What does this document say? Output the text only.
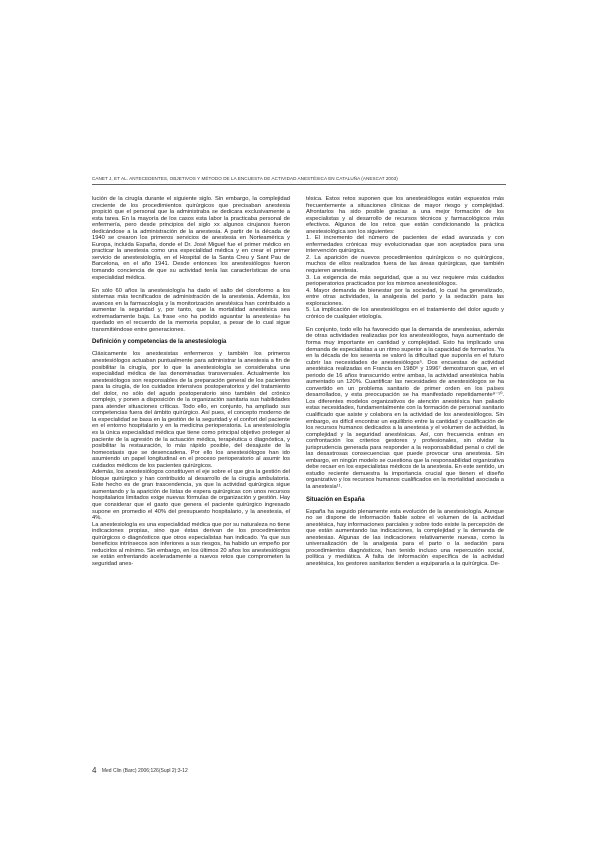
CANET J, ET AL. ANTECEDENTES, OBJETIVOS Y MÉTODO DE LA ENCUESTA DE ACTIVIDAD ANESTÉSICA EN CATALUÑA (ANESCAT 2003)

lución de la cirugía durante el siguiente siglo. Sin embargo, la complejidad creciente de los procedimientos quirúrgicos que precisaban anestesia propició que el personal que la administraba se dedicara exclusivamente a esta tarea. En la mayoría de los casos esta labor la practicaba personal de enfermería, pero desde principios del siglo xx algunos cirujanos fueron dedicándose a la administración de la anestesia. A partir de la década de 1940 se crearon los primeros servicios de anestesia en Norteamérica y Europa, incluida España, donde el Dr. José Miguel fue el primer médico en practicar la anestesia como una especialidad médica y en crear el primer servicio de anestesiología, en el Hospital de la Santa Creu y Sant Pau de Barcelona, en el año 1941. Desde entonces los anestesiólogos fueron tomando conciencia de que su actividad tenía las características de una especialidad médica.

En sólo 60 años la anestesiología ha dado el salto del cloroformo a los sistemas más tecnificados de administración de la anestesia. Además, los avances en la farmacología y la monitorización anestésica han contribuido a aumentar la seguridad y, por tanto, que la mortalidad anestésica sea extremadamente baja. La frase «no ha podido aguantar la anestesia» ha quedado en el recuerdo de la memoria popular, a pesar de lo cual sigue transmitiéndose entre generaciones.

Definición y competencias de la anestesiología

Clásicamente los anestesistas enfermeros y también los primeros anestesiólogos actuaban puntualmente para administrar la anestesia a fin de posibilitar la cirugía, por lo que la anestesiología se consideraba una especialidad médica de las denominadas transversales. Actualmente los anestesiólogos son responsables de la preparación general de los pacientes para la cirugía, de los cuidados intensivos postoperatorios y del tratamiento del dolor, no sólo del agudo postoperatorio sino también del crónico complejo, y ponen a disposición de la organización sanitaria sus habilidades para atender situaciones críticas. Todo ello, en conjunto, ha ampliado sus competencias fuera del ámbito quirúrgico. Así pues, el concepto moderno de la especialidad se basa en la gestión de la seguridad y el confort del paciente en el entorno hospitalario y en la medicina perioperatoria. La anestesiología es la única especialidad médica que tiene como principal objetivo proteger al paciente de la agresión de la actuación médica, terapéutica o diagnóstica, y posibilitar la restauración, lo más rápido posible, del desajuste de la homeostasis que se desencadena. Por ello los anestesiólogos han ido asumiendo un papel longitudinal en el proceso perioperatorio al asumir los cuidados médicos de los pacientes quirúrgicos.

Además, los anestesiólogos constituyen el eje sobre el que gira la gestión del bloque quirúrgico y han contribuido al desarrollo de la cirugía ambulatoria. Este hecho es de gran trascendencia, ya que la actividad quirúrgica sigue aumentando y la aparición de listas de espera quirúrgicas con unos recursos hospitalarios limitados exige nuevas fórmulas de organización y gestión. Hay que considerar que el gasto que genera el paciente quirúrgico ingresado supone en promedio el 40% del presupuesto hospitalario, y la anestesia, el 4%.

La anestesiología es una especialidad médica que por su naturaleza no tiene indicaciones propias, sino que éstas derivan de los procedimientos quirúrgicos o diagnósticos que otros especialistas han indicado. Ya que sus beneficios intrínsecos son inferiores a sus riesgos, ha habido un empeño por reducirlos al mínimo. Sin embargo, en los últimos 20 años los anestesiólogos se están enfrentando aceleradamente a nuevos retos que comprometen la seguridad anes-

tésica. Estos retos suponen que los anestesiólogos están expuestos más frecuentemente a situaciones clínicas de mayor riesgo y complejidad. Afrontarlos ha sido posible gracias a una mejor formación de los especialistas y al desarrollo de recursos técnicos y farmacológicos más efectivos. Algunos de los retos que están condicionando la práctica anestesiológica son los siguientes:

1. El incremento del número de pacientes de edad avanzada y con enfermedades crónicas muy evolucionadas que son aceptados para una intervención quirúrgica.

2. La aparición de nuevos procedimientos quirúrgicos o no quirúrgicos, muchos de ellos realizados fuera de las áreas quirúrgicas, que también requieren anestesia.

3. La exigencia de más seguridad, que a su vez requiere más cuidados perioperatorios practicados por los mismos anestesiólogos.

4. Mayor demanda de bienestar por la sociedad, lo cual ha generalizado, entre otras actividades, la analgesia del parto y la sedación para las exploraciones.

5. La implicación de los anestesiólogos en el tratamiento del dolor agudo y crónico de cualquier etiología.

En conjunto, todo ello ha favorecido que la demanda de anestesias, además de otras actividades realizadas por los anestesiólogos, haya aumentado de forma muy importante en cantidad y complejidad. Esto ha implicado una demanda de especialistas a un ritmo superior a la capacidad de formarlos. Ya en la década de los sesenta se valoró la dificultad que suponía en el futuro cubrir las necesidades de anestesiólogos⁵. Dos encuestas de actividad anestésica realizadas en Francia en 1980⁶ y 1996⁷ demostraron que, en el periodo de 16 años transcurrido entre ambas, la actividad anestésica había aumentado un 120%. Cuantificar las necesidades de anestesiólogos se ha convertido en un problema sanitario de primer orden en los países desarrollados, y esta preocupación se ha manifestado repetidamente⁸⁻¹⁰. Los diferentes modelos organizativos de atención anestésica han paliado estas necesidades, fundamentalmente con la formación de personal sanitario cualificado que asiste y colabora en la actividad de los anestesiólogos. Sin embargo, es difícil encontrar un equilibrio entre la cantidad y cualificación de los recursos humanos dedicados a la anestesia y el volumen de actividad, la complejidad y la seguridad anestésicas. Así, con frecuencia entran en confrontación los criterios gestores y profesionales, sin olvidar la jurisprudencia generada para responder a la responsabilidad penal o civil de las desastrosas consecuencias que puede provocar una anestesia. Sin embargo, en ningún modelo se cuestiona que la responsabilidad organizativa debe recaer en los especialistas médicos de la anestesia. En este sentido, un estudio reciente demuestra la importancia crucial que tienen el diseño organizativo y los recursos humanos cualificados en la mortalidad asociada a la anestesia¹¹.

Situación en España

España ha seguido plenamente esta evolución de la anestesiología. Aunque no se dispone de información fiable sobre el volumen de la actividad anestésica, hay informaciones parciales y sobre todo existe la percepción de que están aumentando las indicaciones, la complejidad y la demanda de anestesias. Algunas de las indicaciones relativamente nuevas, como la universalización de la analgesia para el parto o la sedación para procedimientos diagnósticos, han tenido incluso una repercusión social, política y mediática. A falta de información específica de la actividad anestésica, los gestores sanitarios tienden a equipararla a la quirúrgica. De-

4 Med Clin (Barc) 2006;126(Supl 2):3-12
